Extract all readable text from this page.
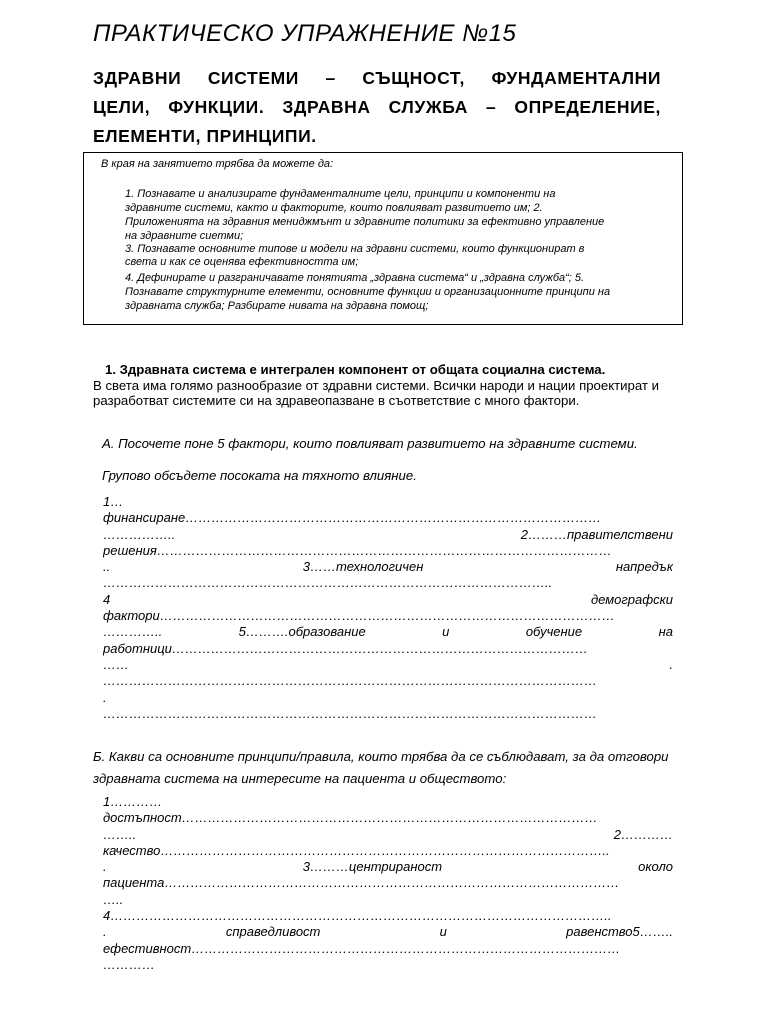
ПРАКТИЧЕСКО УПРАЖНЕНИЕ №15
ЗДРАВНИ СИСТЕМИ – СЪЩНОСТ, ФУНДАМЕНТАЛНИ
ЦЕЛИ, ФУНКЦИИ. ЗДРАВНА СЛУЖБА – ОПРЕДЕЛЕНИЕ,
ЕЛЕМЕНТИ, ПРИНЦИПИ.
В края на занятието трябва да можете да:
1. Познавате и анализирате фундаменталните цели, принципи и компоненти на
здравните системи, както и факторите, които повлияват развитието им; 2.
Приложенията на здравния мениджмънт и здравните политики за ефективно управление
на здравните сиетми;
3. Познавате основните типове и модели на здравни системи, които функционират в
света и как се оценява ефективността им;
4. Дефинирате и разграничавате понятията „здравна система“ и „здравна служба“; 5.
Познавате структурните елементи, основните функции и организационните принципи на
здравната служба; Разбирате нивата на здравна помощ;
1. Здравната система е интегрален компонент от общата социална система.
В света има голямо разнообразие от здравни системи. Всички народи и нации проектират и разработват системите си на здравеопазване в съответствие с много фактори.
А. Посочете поне 5 фактори, които повлияват развитието на здравните системи.
Групово обсъдете посоката на тяхното влияние.
1…
финансиране……………………………………………………………………………………
……………..	2………правителствени
решения……………………………………………………………………………………………
..	3……технологичен	напредък
…………………………………………………………………………………………..
4	демографски
фактори……………………………………………………………………………………………
…………..	5……….образование	и	обучение	на
работници……………………………………………………………………………………
……	.
……………………………………………………………………………………………………
.
……………………………………………………………………………………………………
Б. Какви са основните принципи/правила, които трябва да се съблюдават, за да отговори здравната система на интересите на пациента и обществото:
1…………
достъпност……………………………………………………………………………………
……..	2…………
качество…………………………………………………………………………………………..
.	3………центрираност	около
пациента……………………………………………………………………………………………
…..
4……………………………………………………………………………………………………..
.	справедливост	и	равенство5……..
ефестивност………………………………………………………………………………………
…………
